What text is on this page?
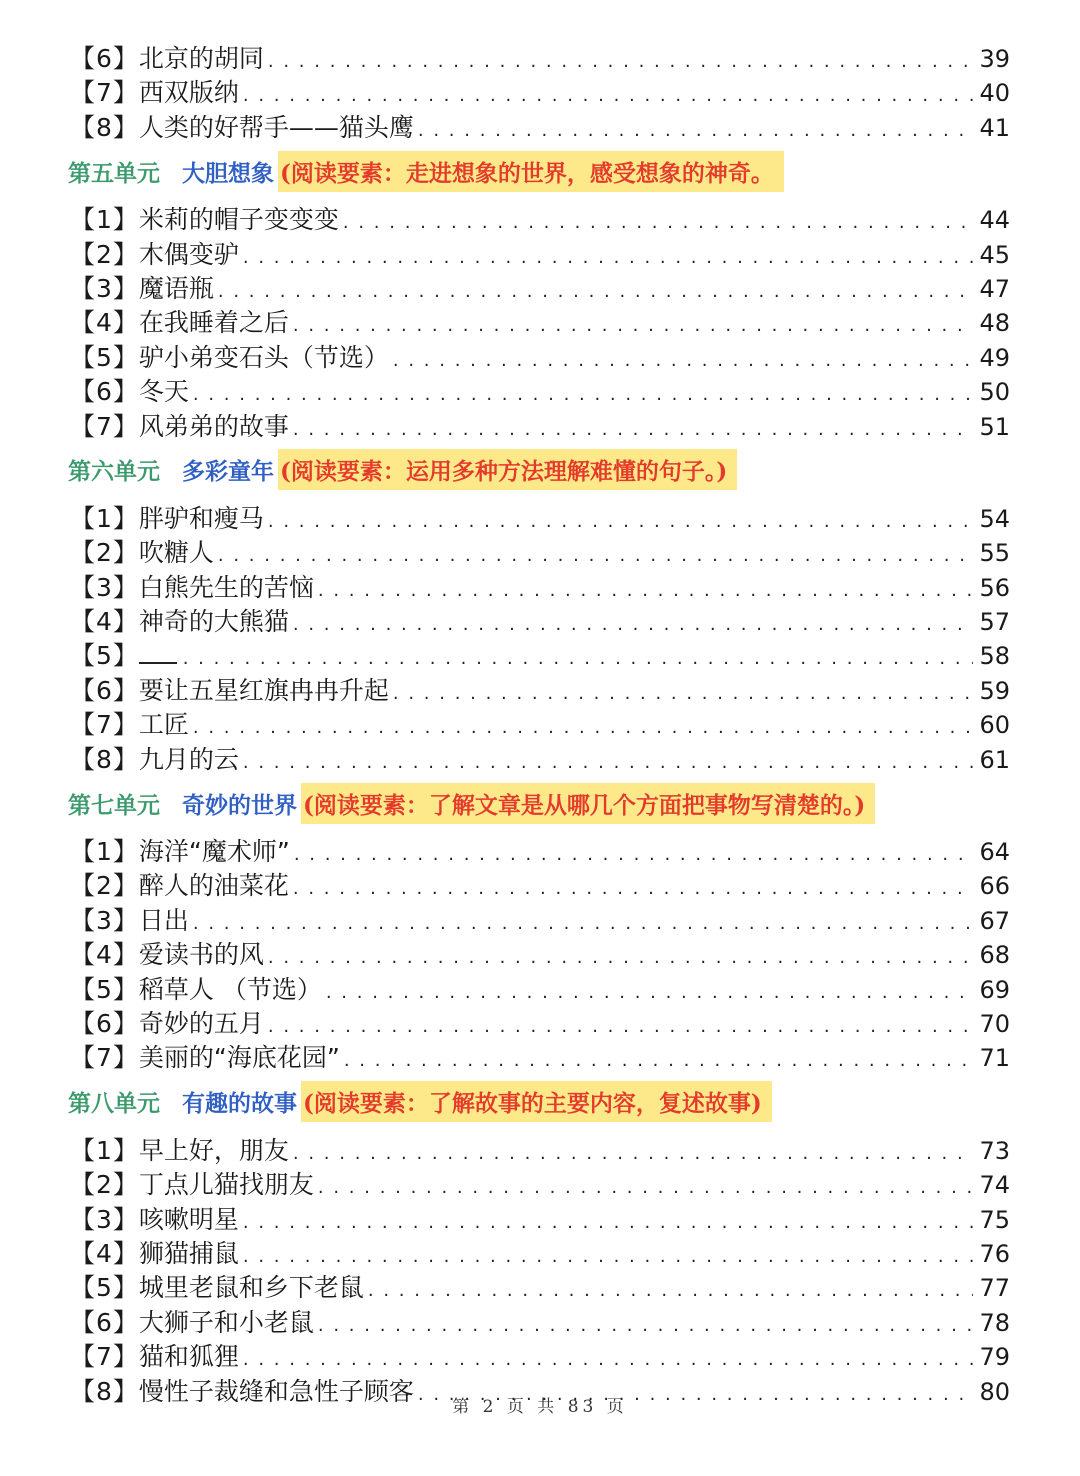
【6】 北京的胡同 . . .	39
【7】 西双版纳 . . .	40
【8】 人类的好帮手——猫头鹰 . . .	41
第五单元 大胆想象 (阅读要素：走进想象的世界，感受想象的神奇。
【1】 米莉的帽子变变变 . . .	44
【2】 木偶变驴 . . .	45
【3】 魔语瓶 . . .	47
【4】 在我睡着之后 . . .	48
【5】 驴小弟变石头（节选） . . .	49
【6】 冬天 . . .	50
【7】 风弟弟的故事 . . .	51
第六单元 多彩童年 (阅读要素：运用多种方法理解难懂的句子。)
【1】 胖驴和瘦马 . . .	54
【2】 吹糖人 . . .	55
【3】 白熊先生的苦恼 . . .	56
【4】 神奇的大熊猫 . . .	57
【5】 . . .	58
【6】 要让五星红旗冉冉升起 . . .	59
【7】 工匠 . . .	60
【8】 九月的云 . . .	61
第七单元 奇妙的世界 (阅读要素：了解文章是从哪几个方面把事物写清楚的。)
【1】 海洋“魔术师” . . .	64
【2】 醉人的油菜花 . . .	66
【3】 日出 . . .	67
【4】 爱读书的风 . . .	68
【5】 稻草人 （节选） . . .	69
【6】 奇妙的五月 . . .	70
【7】 美丽的“海底花园” . . .	71
第八单元 有趣的故事 (阅读要素：了解故事的主要内容，复述故事)
【1】 早上好，朋友 . . .	73
【2】 丁点儿猫找朋友 . . .	74
【3】 咳嗽明星 . . .	75
【4】 狮猫捕鼠 . . .	76
【5】 城里老鼠和乡下老鼠 . . .	77
【6】 大狮子和小老鼠 . . .	78
【7】 猫和狐狸 . . .	79
【8】 慢性子裁缝和急性子顾客 . . .	80
第 2 页 共 83 页
